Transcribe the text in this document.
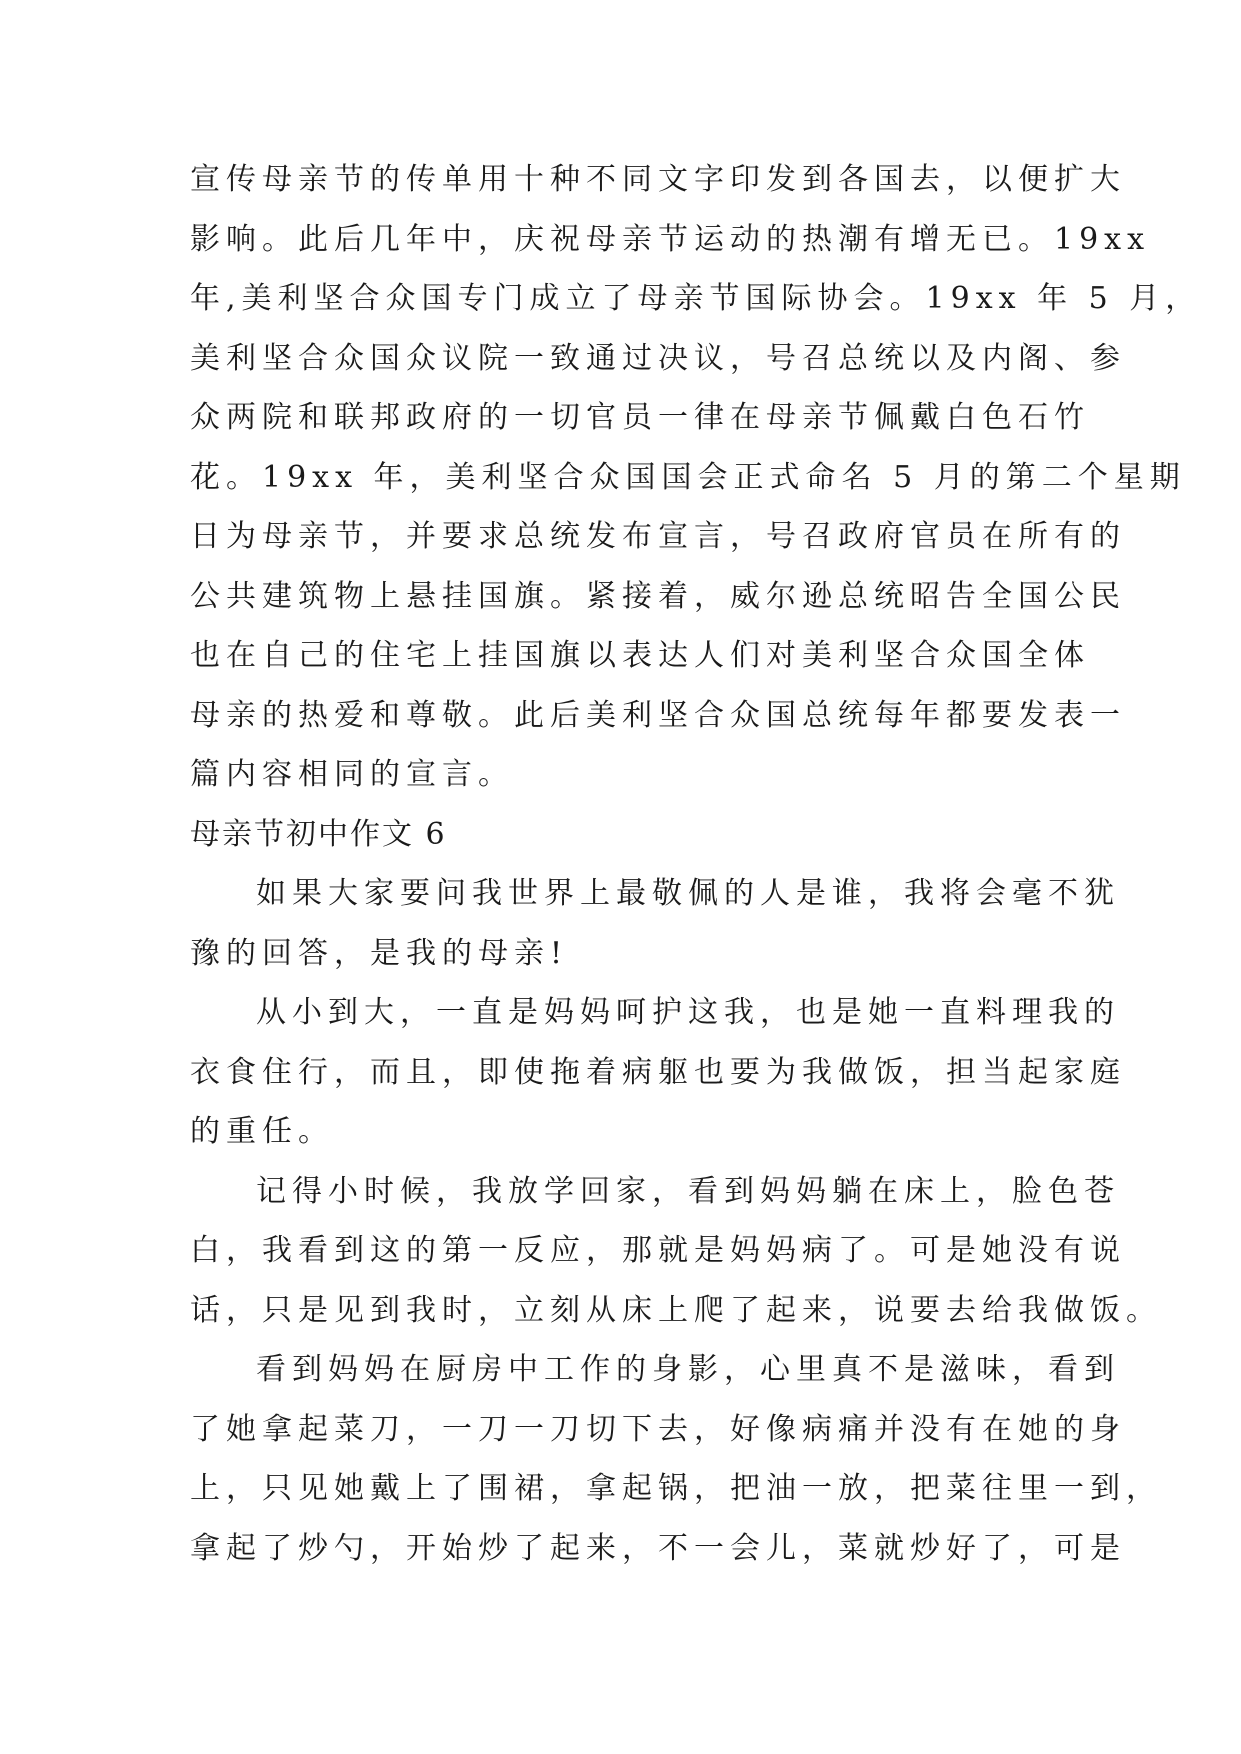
宣传母亲节的传单用十种不同文字印发到各国去，以便扩大
影响。此后几年中，庆祝母亲节运动的热潮有增无已。19xx
年,美利坚合众国专门成立了母亲节国际协会。19xx 年 5 月，
美利坚合众国众议院一致通过决议，号召总统以及内阁、参
众两院和联邦政府的一切官员一律在母亲节佩戴白色石竹
花。19xx 年，美利坚合众国国会正式命名 5 月的第二个星期
日为母亲节，并要求总统发布宣言，号召政府官员在所有的
公共建筑物上悬挂国旗。紧接着，威尔逊总统昭告全国公民
也在自己的住宅上挂国旗以表达人们对美利坚合众国全体
母亲的热爱和尊敬。此后美利坚合众国总统每年都要发表一
篇内容相同的宣言。
母亲节初中作文 6
如果大家要问我世界上最敬佩的人是谁，我将会毫不犹
豫的回答，是我的母亲!
从小到大，一直是妈妈呵护这我，也是她一直料理我的
衣食住行，而且，即使拖着病躯也要为我做饭，担当起家庭
的重任。
记得小时候，我放学回家，看到妈妈躺在床上，脸色苍
白，我看到这的第一反应，那就是妈妈病了。可是她没有说
话，只是见到我时，立刻从床上爬了起来，说要去给我做饭。
看到妈妈在厨房中工作的身影，心里真不是滋味，看到
了她拿起菜刀，一刀一刀切下去，好像病痛并没有在她的身
上，只见她戴上了围裙，拿起锅，把油一放，把菜往里一到，
拿起了炒勺，开始炒了起来，不一会儿，菜就炒好了，可是
